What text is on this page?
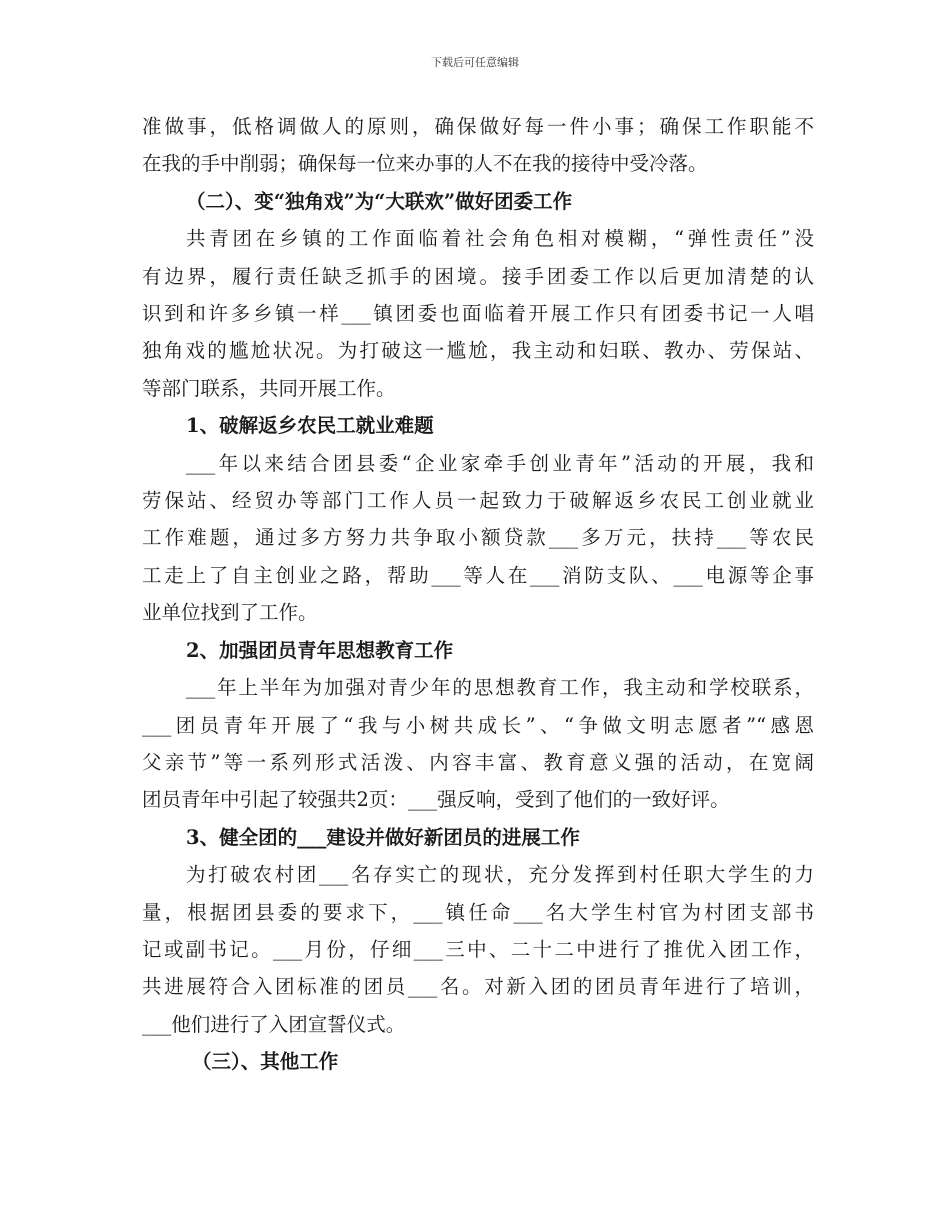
下载后可任意编辑
准做事，低格调做人的原则，确保做好每一件小事；确保工作职能不
在我的手中削弱；确保每一位来办事的人不在我的接待中受冷落。
（二）、变“独角戏”为“大联欢”做好团委工作
共青团在乡镇的工作面临着社会角色相对模糊，“弹性责任”没
有边界，履行责任缺乏抓手的困境。接手团委工作以后更加清楚的认
识到和许多乡镇一样___镇团委也面临着开展工作只有团委书记一人唱
独角戏的尴尬状况。为打破这一尴尬，我主动和妇联、教办、劳保站、
等部门联系，共同开展工作。
1、破解返乡农民工就业难题
___年以来结合团县委“企业家牵手创业青年”活动的开展，我和
劳保站、经贸办等部门工作人员一起致力于破解返乡农民工创业就业
工作难题，通过多方努力共争取小额贷款___多万元，扶持___等农民
工走上了自主创业之路，帮助___等人在___消防支队、___电源等企事
业单位找到了工作。
2、加强团员青年思想教育工作
___年上半年为加强对青少年的思想教育工作，我主动和学校联系，
___团员青年开展了“我与小树共成长”、“争做文明志愿者”“感恩
父亲节”等一系列形式活泼、内容丰富、教育意义强的活动，在宽阔
团员青年中引起了较强共2页：___强反响，受到了他们的一致好评。
3、健全团的___建设并做好新团员的进展工作
为打破农村团___名存实亡的现状，充分发挥到村任职大学生的力
量，根据团县委的要求下，___镇任命___名大学生村官为村团支部书
记或副书记。___月份，仔细___三中、二十二中进行了推优入团工作，
共进展符合入团标准的团员___名。对新入团的团员青年进行了培训，
___他们进行了入团宣誓仪式。
（三）、其他工作
